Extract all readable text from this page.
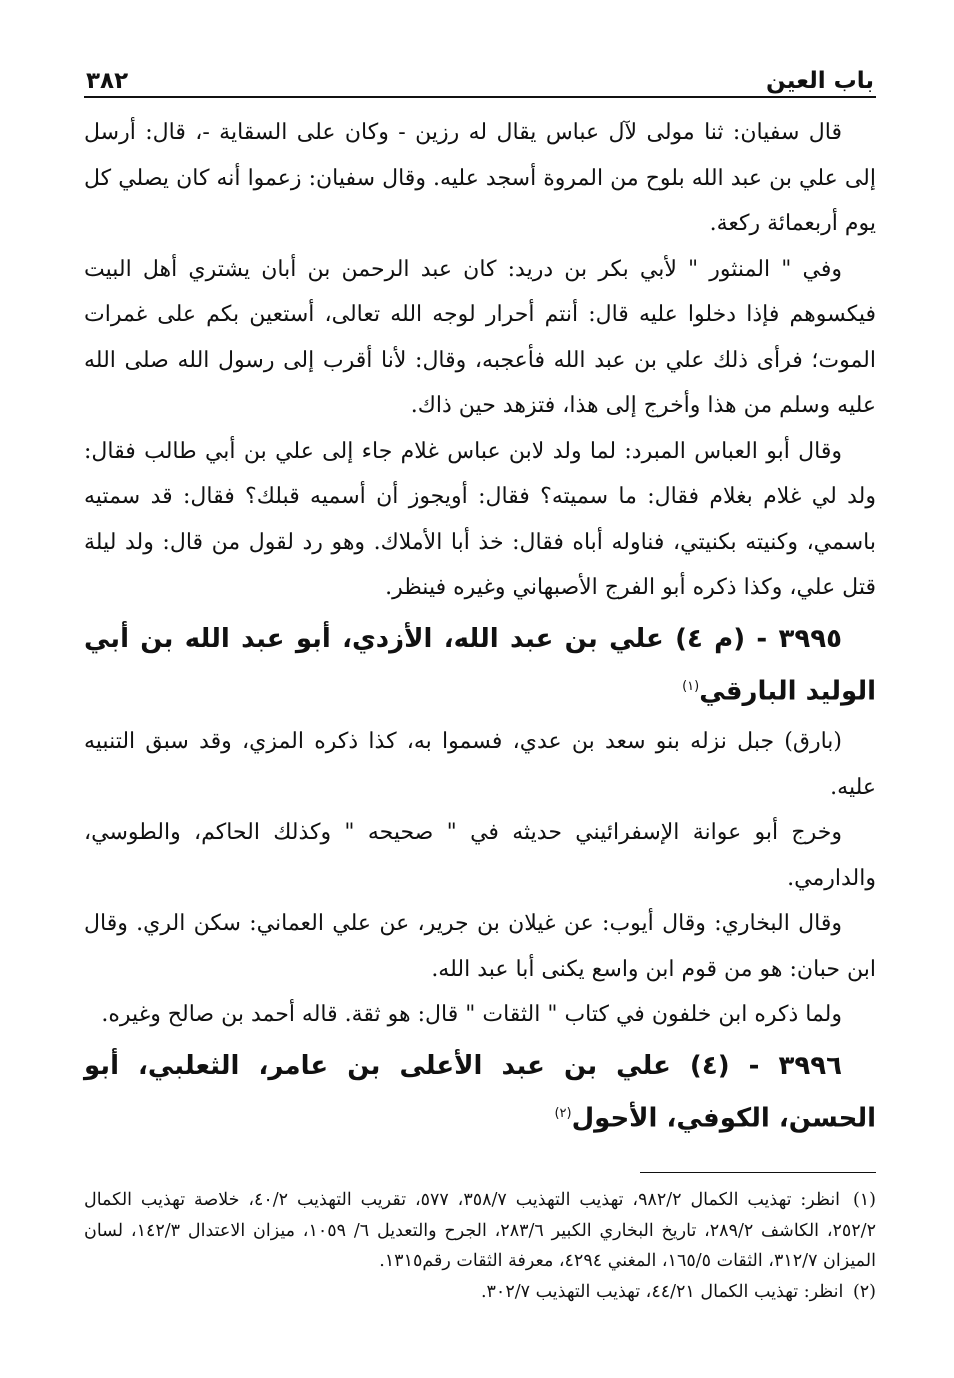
باب العين
٣٨٢

قال سفيان: ثنا مولى لآل عباس يقال له رزين - وكان على السقاية -، قال: أرسل إلى علي بن عبد الله بلوح من المروة أسجد عليه. وقال سفيان: زعموا أنه كان يصلي كل يوم أربعمائة ركعة.

وفي " المنثور " لأبي بكر بن دريد: كان عبد الرحمن بن أبان يشتري أهل البيت فيكسوهم فإذا دخلوا عليه قال: أنتم أحرار لوجه الله تعالى، أستعين بكم على غمرات الموت؛ فرأى ذلك علي بن عبد الله فأعجبه، وقال: لأنا أقرب إلى رسول الله صلى الله عليه وسلم من هذا وأخرج إلى هذا، فتزهد حين ذاك.

وقال أبو العباس المبرد: لما ولد لابن عباس غلام جاء إلى علي بن أبي طالب فقال: ولد لي غلام بغلام فقال: ما سميته؟ فقال: أويجوز أن أسميه قبلك؟ فقال: قد سمتيه باسمي، وكنيته بكنيتي، فناوله أباه فقال: خذ أبا الأملاك. وهو رد لقول من قال: ولد ليلة قتل علي، وكذا ذكره أبو الفرج الأصبهاني وغيره فينظر.

٣٩٩٥ - (م ٤) علي بن عبد الله، الأزدي، أبو عبد الله بن أبي الوليد البارقي$^{(١)}$

(بارق) جبل نزله بنو سعد بن عدي، فسموا به، كذا ذكره المزي، وقد سبق التنبيه عليه.

وخرج أبو عوانة الإسفرائيني حديثه في " صحيحه " وكذلك الحاكم، والطوسي، والدارمي.

وقال البخاري: وقال أيوب: عن غيلان بن جرير، عن علي العماني: سكن الري. وقال ابن حبان: هو من قوم ابن واسع يكنى أبا عبد الله.

ولما ذكره ابن خلفون في كتاب " الثقات " قال: هو ثقة. قاله أحمد بن صالح وغيره.

٣٩٩٦ - (٤) علي بن عبد الأعلى بن عامر، الثعلبي، أبو الحسن، الكوفي، الأحول$^{(٢)}$

(١) انظر: تهذيب الكمال ٩٨٢/٢، تهذيب التهذيب ٣٥٨/٧، ٥٧٧، تقريب التهذيب ٤٠/٢، خلاصة تهذيب الكمال ٢٥٢/٢، الكاشف ٢٨٩/٢، تاريخ البخاري الكبير ٢٨٣/٦، الجرح والتعديل ٦/ ١٠٥٩، ميزان الاعتدال ١٤٢/٣، لسان الميزان ٣١٢/٧، الثقات ١٦٥/٥، المغني ٤٢٩٤، معرفة الثقات رقم١٣١٥.

(٢) انظر: تهذيب الكمال ٤٤/٢١، تهذيب التهذيب ٣٠٢/٧.
